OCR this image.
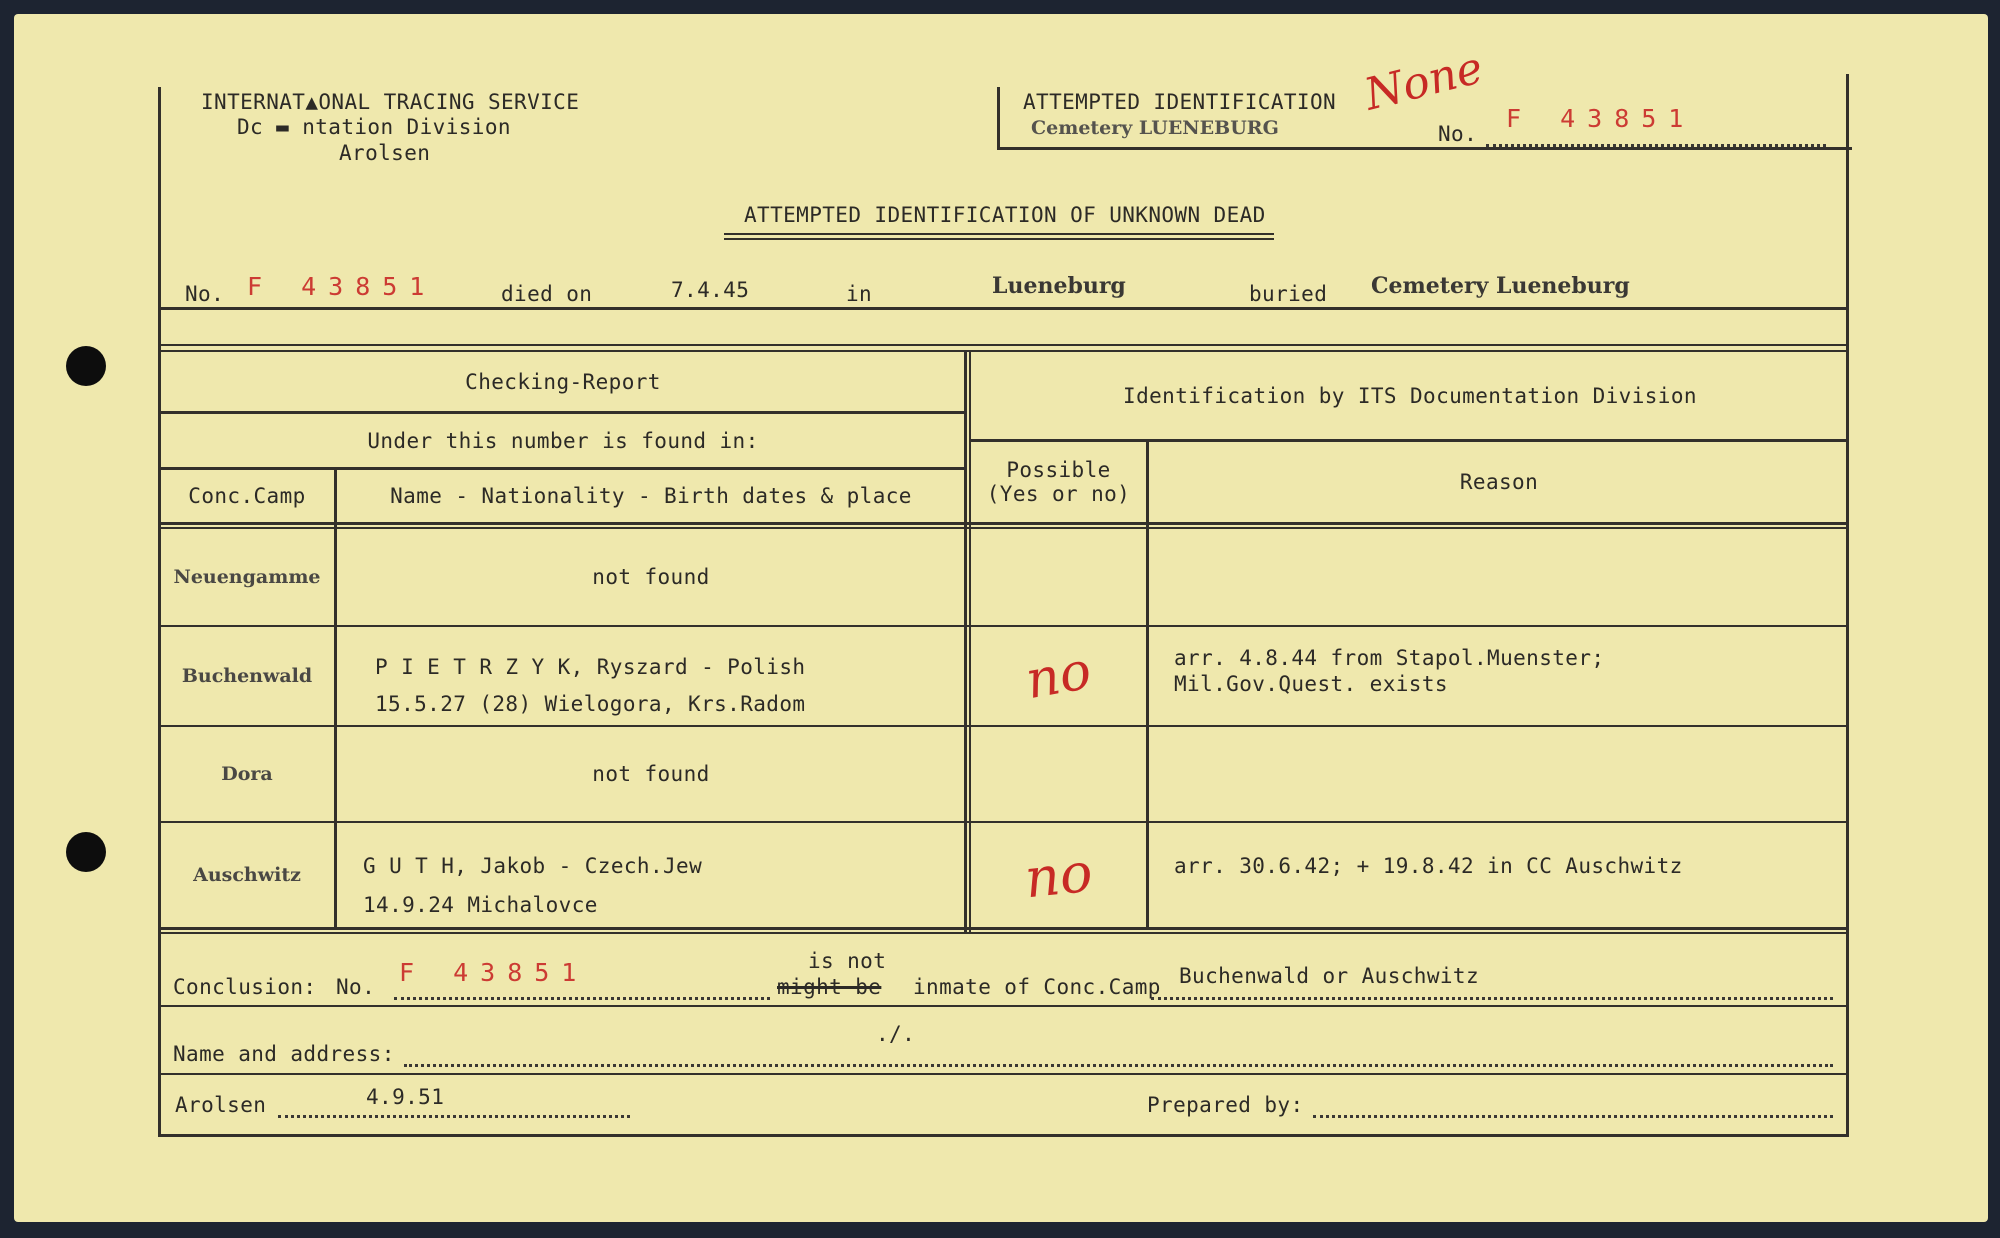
INTERNAT▲ONAL TRACING SERVICE
Dc ▬ ntation Division
Arolsen
ATTEMPTED IDENTIFICATION
Cemetery LUENEBURG
None
No.
F 43851
ATTEMPTED IDENTIFICATION OF UNKNOWN DEAD
No. F 43851	died on	7.4.45	in	Lueneburg	buried Cemetery Lueneburg
Checking-Report
Under this number is found in:
Conc.Camp	Name - Nationality - Birth dates & place
Identification by ITS Documentation Division
Possible
(Yes or no)	Reason
Neuengamme	not found
Buchenwald	P I E T R Z Y K, Ryszard - Polish
15.5.27 (28) Wielogora, Krs.Radom	no	arr. 4.8.44 from Stapol.Muenster;
Mil.Gov.Quest. exists
Dora	not found
Auschwitz	G U T H, Jakob - Czech.Jew
14.9.24 Michalovce	no	arr. 30.6.42; + 19.8.42 in CC Auschwitz
Conclusion: No. F 43851	is not
might be inmate of Conc.Camp Buchenwald or Auschwitz
Name and address:
./.
Arolsen	4.9.51	Prepared by:
